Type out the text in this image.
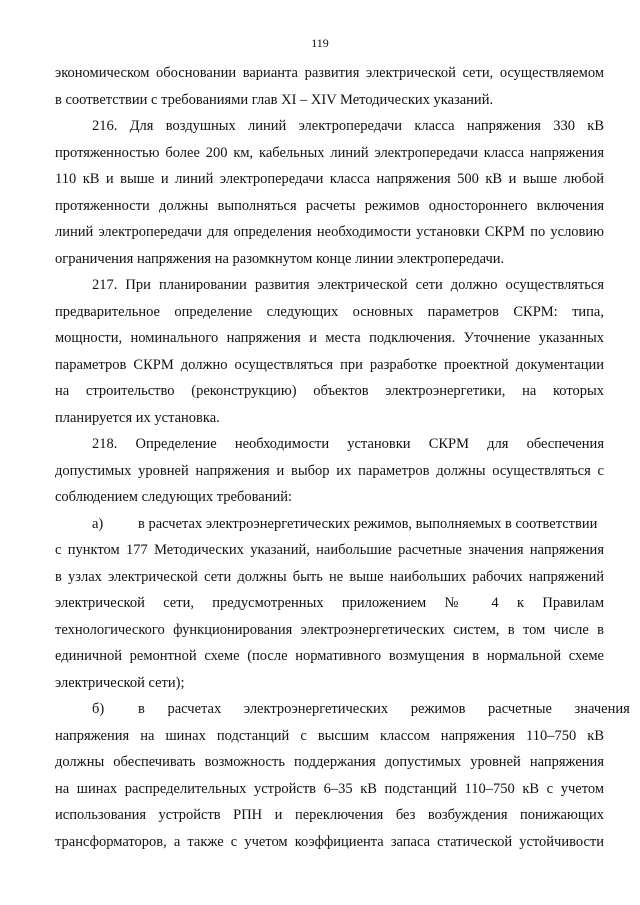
119
экономическом обосновании варианта развития электрической сети, осуществляемом
в соответствии с требованиями глав XI – XIV Методических указаний.
216. Для воздушных линий электропередачи класса напряжения 330 кВ
протяженностью более 200 км, кабельных линий электропередачи класса напряжения
110 кВ и выше и линий электропередачи класса напряжения 500 кВ и выше любой
протяженности должны выполняться расчеты режимов одностороннего включения
линий электропередачи для определения необходимости установки СКРМ по условию
ограничения напряжения на разомкнутом конце линии электропередачи.
217. При планировании развития электрической сети должно осуществляться
предварительное определение следующих основных параметров СКРМ: типа,
мощности, номинального напряжения и места подключения. Уточнение указанных
параметров СКРМ должно осуществляться при разработке проектной документации
на строительство (реконструкцию) объектов электроэнергетики, на которых
планируется их установка.
218. Определение необходимости установки СКРМ для обеспечения
допустимых уровней напряжения и выбор их параметров должны осуществляться с
соблюдением следующих требований:
а) в расчетах электроэнергетических режимов, выполняемых в соответствии
с пунктом 177 Методических указаний, наибольшие расчетные значения напряжения
в узлах электрической сети должны быть не выше наибольших рабочих напряжений
электрической сети, предусмотренных приложением № 4 к Правилам
технологического функционирования электроэнергетических систем, в том числе в
единичной ремонтной схеме (после нормативного возмущения в нормальной схеме
электрической сети);
б) в расчетах электроэнергетических режимов расчетные значения
напряжения на шинах подстанций с высшим классом напряжения 110–750 кВ
должны обеспечивать возможность поддержания допустимых уровней напряжения
на шинах распределительных устройств 6–35 кВ подстанций 110–750 кВ с учетом
использования устройств РПН и переключения без возбуждения понижающих
трансформаторов, а также с учетом коэффициента запаса статической устойчивости
